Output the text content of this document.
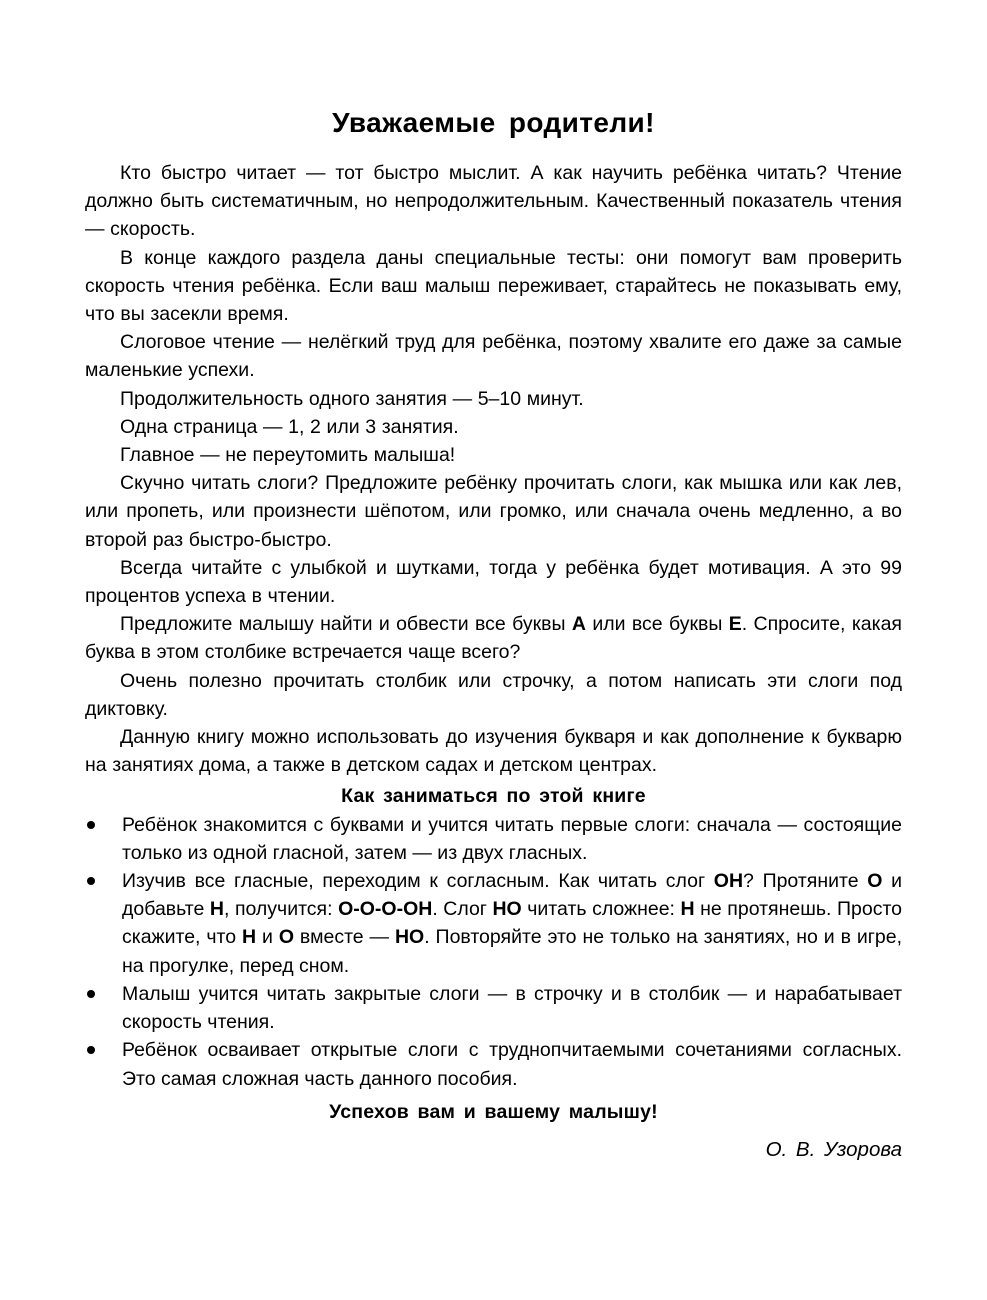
Уважаемые родители!

Кто быстро читает — тот быстро мыслит. А как научить ребёнка читать? Чтение должно быть систематичным, но непродолжительным. Качественный показатель чтения — скорость.

В конце каждого раздела даны специальные тесты: они помогут вам проверить скорость чтения ребёнка. Если ваш малыш переживает, старайтесь не показывать ему, что вы засекли время.

Слоговое чтение — нелёгкий труд для ребёнка, поэтому хвалите его даже за самые маленькие успехи.

Продолжительность одного занятия — 5–10 минут.

Одна страница — 1, 2 или 3 занятия.

Главное — не переутомить малыша!

Скучно читать слоги? Предложите ребёнку прочитать слоги, как мышка или как лев, или пропеть, или произнести шёпотом, или громко, или сначала очень медленно, а во второй раз быстро-быстро.

Всегда читайте с улыбкой и шутками, тогда у ребёнка будет мотивация. А это 99 процентов успеха в чтении.

Предложите малышу найти и обвести все буквы А или все буквы Е. Спросите, какая буква в этом столбике встречается чаще всего?

Очень полезно прочитать столбик или строчку, а потом написать эти слоги под диктовку.

Данную книгу можно использовать до изучения букваря и как дополнение к букварю на занятиях дома, а также в детском садах и детском центрах.

Как заниматься по этой книге
Ребёнок знакомится с буквами и учится читать первые слоги: сначала — состоящие только из одной гласной, затем — из двух гласных.
Изучив все гласные, переходим к согласным. Как читать слог ОН? Протяните О и добавьте Н, получится: О-О-О-ОН. Слог НО читать сложнее: Н не протянешь. Просто скажите, что Н и О вместе — НО. Повторяйте это не только на занятиях, но и в игре, на прогулке, перед сном.
Малыш учится читать закрытые слоги — в строчку и в столбик — и нарабатывает скорость чтения.
Ребёнок осваивает открытые слоги с труднопчитаемыми сочетаниями согласных. Это самая сложная часть данного пособия.

Успехов вам и вашему малышу!

О. В. Узорова
